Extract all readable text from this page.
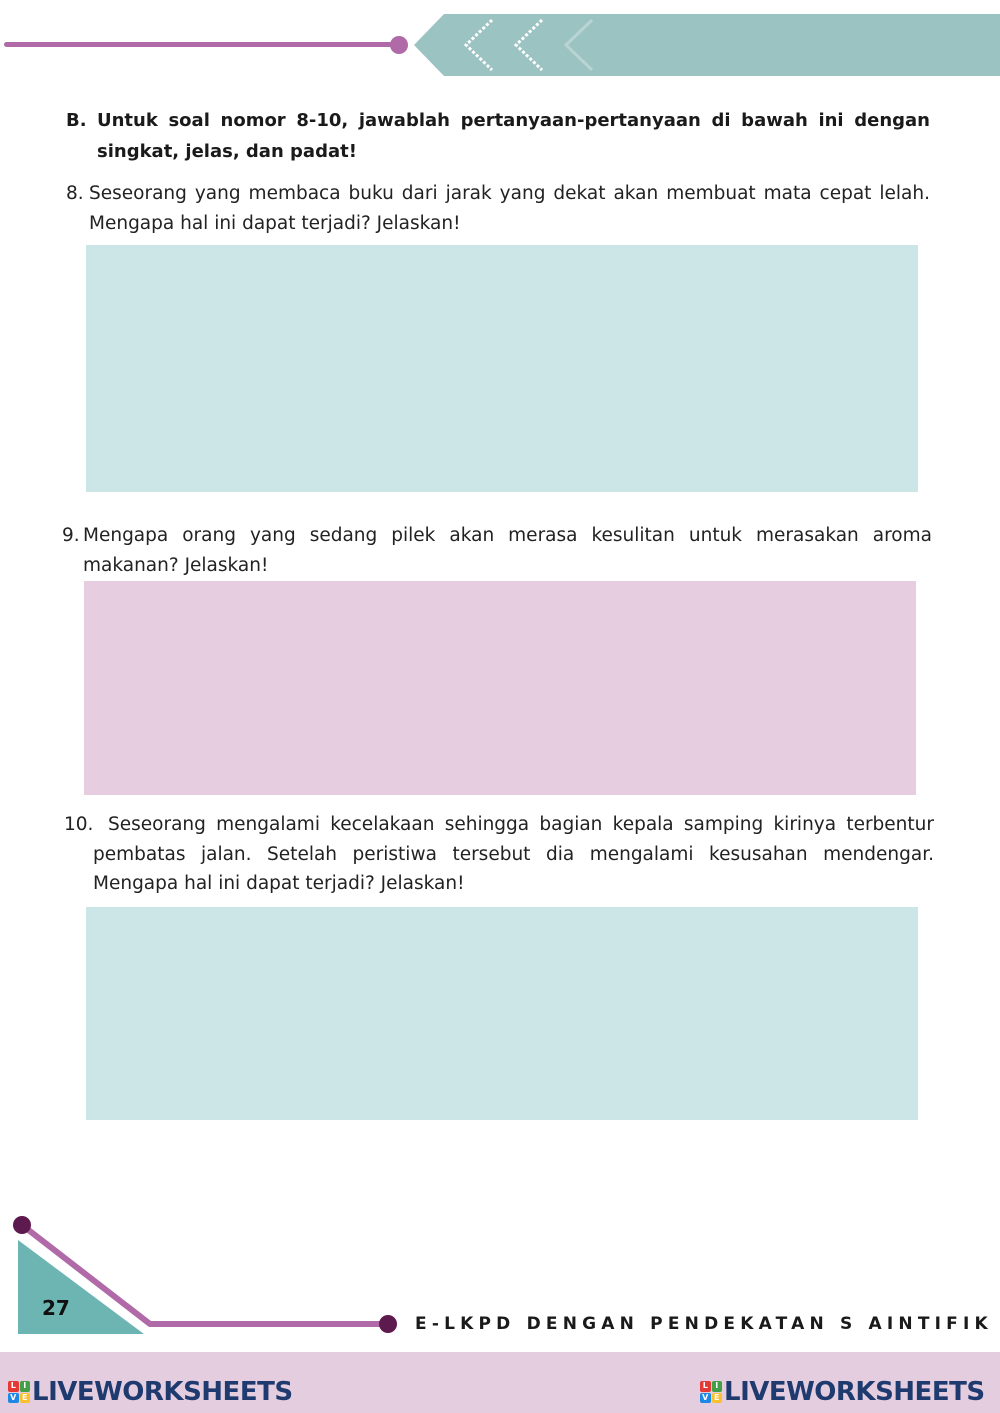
B. Untuk soal nomor 8-10, jawablah pertanyaan-pertanyaan di bawah ini dengan singkat, jelas, dan padat!
8. Seseorang yang membaca buku dari jarak yang dekat akan membuat mata cepat lelah. Mengapa hal ini dapat terjadi? Jelaskan!
9. Mengapa orang yang sedang pilek akan merasa kesulitan untuk merasakan aroma makanan? Jelaskan!
10. Seseorang mengalami kecelakaan sehingga bagian kepala samping kirinya terbentur pembatas jalan. Setelah peristiwa tersebut dia mengalami kesusahan mendengar. Mengapa hal ini dapat terjadi? Jelaskan!
27
E-LKPD DENGAN PENDEKATAN S AINTIFIK
L I
V E LIVEWORKSHEETS	L I
V E LIVEWORKSHEETS
